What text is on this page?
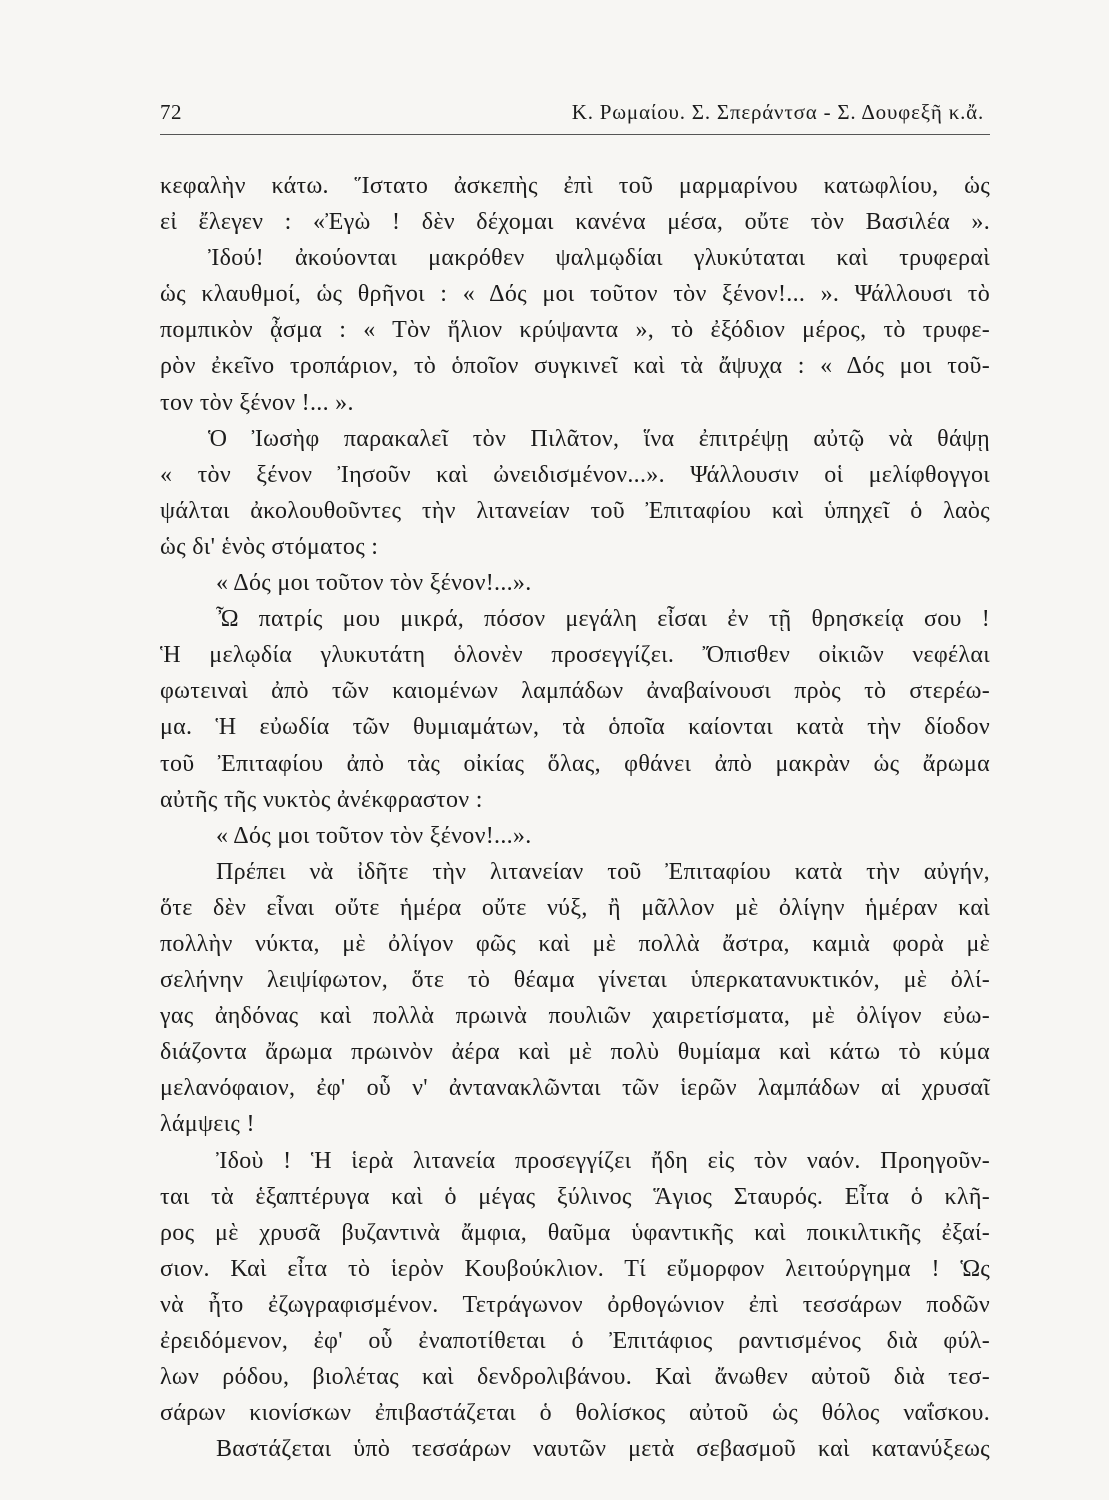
72	Κ. Ρωμαίου. Σ. Σπεράντσα - Σ. Δουφεξῆ κ.ἄ.
κεφαλὴν κάτω. Ἵστατο ἀσκεπὴς ἐπὶ τοῦ μαρμαρίνου κατωφλίου, ὡς
εἰ ἔλεγεν : «Ἐγὼ ! δὲν δέχομαι κανένα μέσα, οὔτε τὸν Βασιλέα ».
Ἰδού! ἀκούονται μακρόθεν ψαλμῳδίαι γλυκύταται καὶ τρυφεραὶ
ὡς κλαυθμοί, ὡς θρῆνοι : « Δός μοι τοῦτον τὸν ξένον!... ». Ψάλλουσι τὸ
πομπικὸν ᾆσμα : « Τὸν ἥλιον κρύψαντα », τὸ ἐξόδιον μέρος, τὸ τρυφε-
ρὸν ἐκεῖνο τροπάριον, τὸ ὁποῖον συγκινεῖ καὶ τὰ ἄψυχα : « Δός μοι τοῦ-
τον τὸν ξένον !... ».
Ὁ Ἰωσὴφ παρακαλεῖ τὸν Πιλᾶτον, ἵνα ἐπιτρέψῃ αὐτῷ νὰ θάψῃ
« τὸν ξένον Ἰησοῦν καὶ ὠνειδισμένον...». Ψάλλουσιν οἱ μελίφθογγοι
ψάλται ἀκολουθοῦντες τὴν λιτανείαν τοῦ Ἐπιταφίου καὶ ὑπηχεῖ ὁ λαὸς
ὡς δι' ἑνὸς στόματος :
« Δός μοι τοῦτον τὸν ξένον!...».
Ὦ πατρίς μου μικρά, πόσον μεγάλη εἶσαι ἐν τῇ θρησκείᾳ σου !
Ἡ μελῳδία γλυκυτάτη ὁλονὲν προσεγγίζει. Ὄπισθεν οἰκιῶν νεφέλαι
φωτειναὶ ἀπὸ τῶν καιομένων λαμπάδων ἀναβαίνουσι πρὸς τὸ στερέω-
μα. Ἡ εὐωδία τῶν θυμιαμάτων, τὰ ὁποῖα καίονται κατὰ τὴν δίοδον
τοῦ Ἐπιταφίου ἀπὸ τὰς οἰκίας ὅλας, φθάνει ἀπὸ μακρὰν ὡς ἄρωμα
αὐτῆς τῆς νυκτὸς ἀνέκφραστον :
« Δός μοι τοῦτον τὸν ξένον!...».
Πρέπει νὰ ἰδῆτε τὴν λιτανείαν τοῦ Ἐπιταφίου κατὰ τὴν αὐγήν,
ὅτε δὲν εἶναι οὔτε ἡμέρα οὔτε νύξ, ἢ μᾶλλον μὲ ὀλίγην ἡμέραν καὶ
πολλὴν νύκτα, μὲ ὀλίγον φῶς καὶ μὲ πολλὰ ἄστρα, καμιὰ φορὰ μὲ
σελήνην λειψίφωτον, ὅτε τὸ θέαμα γίνεται ὑπερκατανυκτικόν, μὲ ὀλί-
γας ἀηδόνας καὶ πολλὰ πρωινὰ πουλιῶν χαιρετίσματα, μὲ ὀλίγον εὐω-
διάζοντα ἄρωμα πρωινὸν ἀέρα καὶ μὲ πολὺ θυμίαμα καὶ κάτω τὸ κύμα
μελανόφαιον, ἐφ' οὗ ν' ἀντανακλῶνται τῶν ἱερῶν λαμπάδων αἱ χρυσαῖ
λάμψεις !
Ἰδοὺ ! Ἡ ἱερὰ λιτανεία προσεγγίζει ἤδη εἰς τὸν ναόν. Προηγοῦν-
ται τὰ ἑξαπτέρυγα καὶ ὁ μέγας ξύλινος Ἅγιος Σταυρός. Εἶτα ὁ κλῆ-
ρος μὲ χρυσᾶ βυζαντινὰ ἄμφια, θαῦμα ὑφαντικῆς καὶ ποικιλτικῆς ἐξαί-
σιον. Καὶ εἶτα τὸ ἱερὸν Κουβούκλιον. Τί εὔμορφον λειτούργημα ! Ὡς
νὰ ἦτο ἐζωγραφισμένον. Τετράγωνον ὀρθογώνιον ἐπὶ τεσσάρων ποδῶν
ἐρειδόμενον, ἐφ' οὗ ἐναποτίθεται ὁ Ἐπιτάφιος ραντισμένος διὰ φύλ-
λων ρόδου, βιολέτας καὶ δενδρολιβάνου. Καὶ ἄνωθεν αὐτοῦ διὰ τεσ-
σάρων κιονίσκων ἐπιβαστάζεται ὁ θολίσκος αὐτοῦ ὡς θόλος ναΐσκου.
Βαστάζεται ὑπὸ τεσσάρων ναυτῶν μετὰ σεβασμοῦ καὶ κατανύξεως
